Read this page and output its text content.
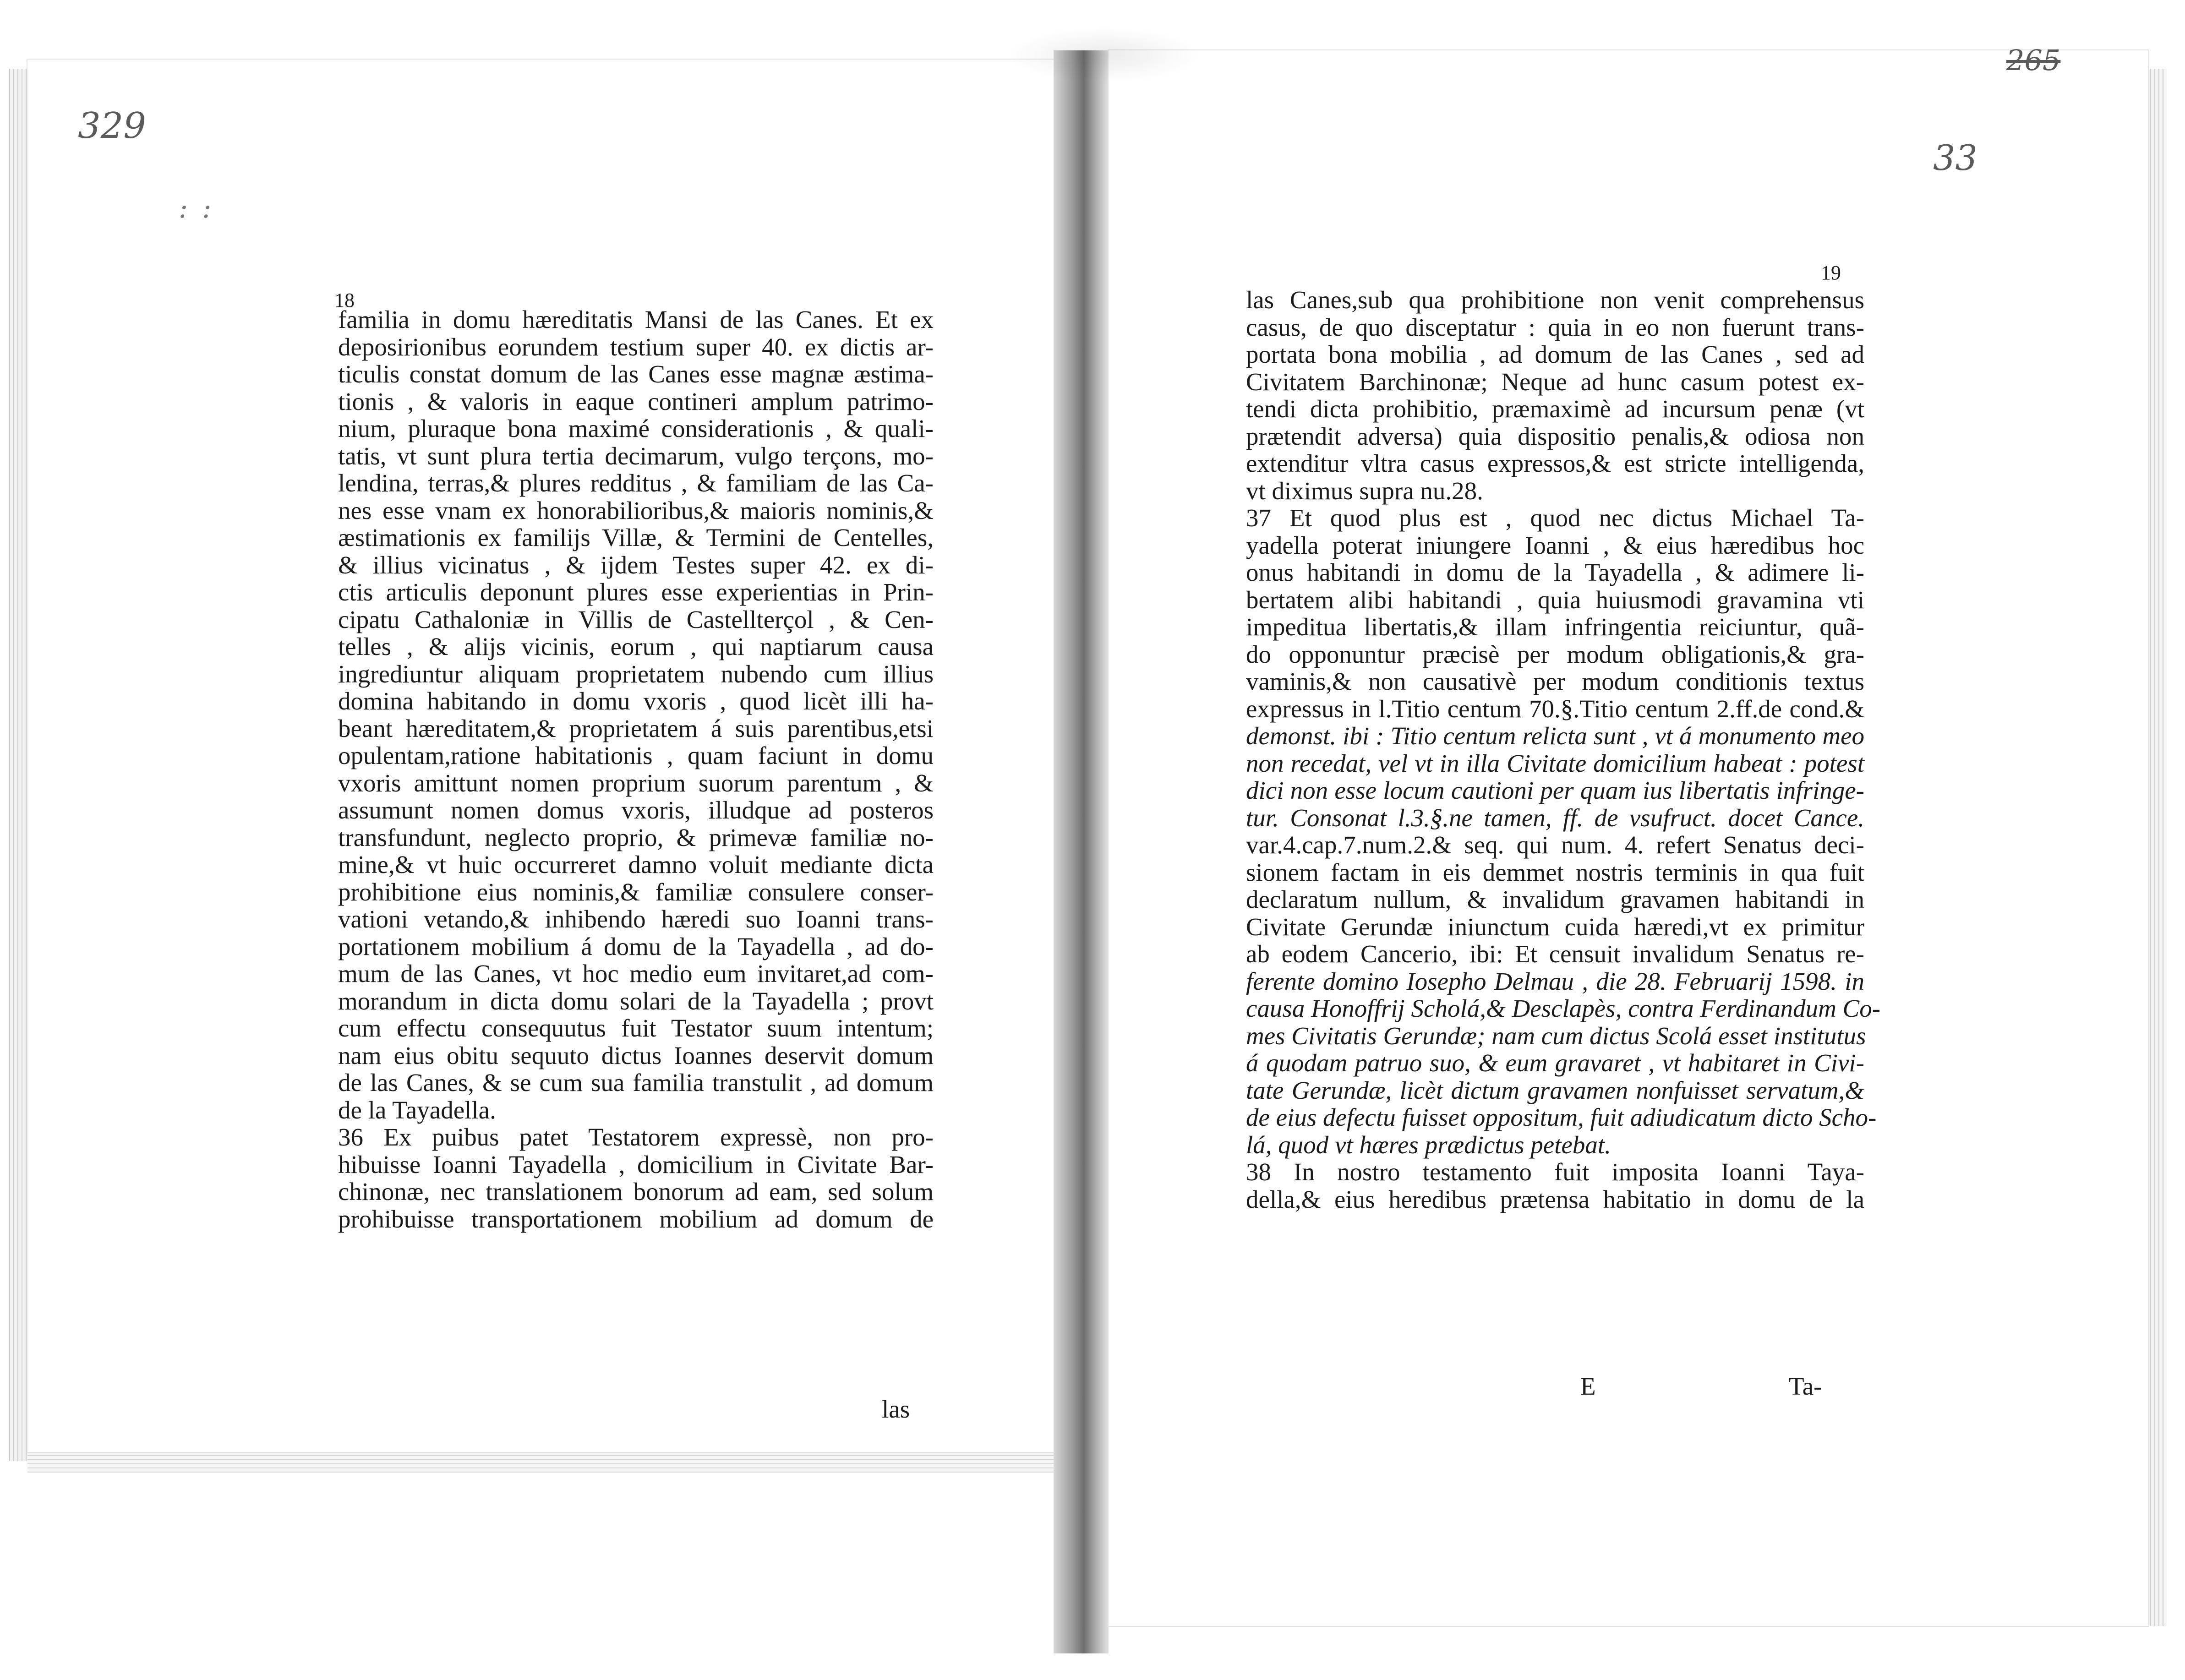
329
: :
265
33
18
19
familia in domu hæreditatis Mansi de las Canes. Et ex
deposirionibus eorundem testium super 40. ex dictis ar-
ticulis constat domum de las Canes esse magnæ æstima-
tionis , & valoris in eaque contineri amplum patrimo-
nium, pluraque bona maximé considerationis , & quali-
tatis, vt sunt plura tertia decimarum, vulgo terçons, mo-
lendina, terras,& plures redditus , & familiam de las Ca-
nes esse vnam ex honorabilioribus,& maioris nominis,&
æstimationis ex familijs Villæ, & Termini de Centelles,
& illius vicinatus , & ijdem Testes super 42. ex di-
ctis articulis deponunt plures esse experientias in Prin-
cipatu Cathaloniæ in Villis de Castellterçol , & Cen-
telles , & alijs vicinis, eorum , qui naptiarum causa
ingrediuntur aliquam proprietatem nubendo cum illius
domina habitando in domu vxoris , quod licèt illi ha-
beant hæreditatem,& proprietatem á suis parentibus,etsi
opulentam,ratione habitationis , quam faciunt in domu
vxoris amittunt nomen proprium suorum parentum , &
assumunt nomen domus vxoris, illudque ad posteros
transfundunt, neglecto proprio, & primevæ familiæ no-
mine,& vt huic occurreret damno voluit mediante dicta
prohibitione eius nominis,& familiæ consulere conser-
vationi vetando,& inhibendo hæredi suo Ioanni trans-
portationem mobilium á domu de la Tayadella , ad do-
mum de las Canes, vt hoc medio eum invitaret,ad com-
morandum in dicta domu solari de la Tayadella ; provt
cum effectu consequutus fuit Testator suum intentum;
nam eius obitu sequuto dictus Ioannes deservit domum
de las Canes, & se cum sua familia transtulit , ad domum
de la Tayadella.
36 Ex puibus patet Testatorem expressè, non pro-
hibuisse Ioanni Tayadella , domicilium in Civitate Bar-
chinonæ, nec translationem bonorum ad eam, sed solum
prohibuisse transportationem mobilium ad domum de
las Canes,sub qua prohibitione non venit comprehensus
casus, de quo disceptatur : quia in eo non fuerunt trans-
portata bona mobilia , ad domum de las Canes , sed ad
Civitatem Barchinonæ; Neque ad hunc casum potest ex-
tendi dicta prohibitio, præmaximè ad incursum penæ (vt
prætendit adversa) quia dispositio penalis,& odiosa non
extenditur vltra casus expressos,& est stricte intelligenda,
vt diximus supra nu.28.
37 Et quod plus est , quod nec dictus Michael Ta-
yadella poterat iniungere Ioanni , & eius hæredibus hoc
onus habitandi in domu de la Tayadella , & adimere li-
bertatem alibi habitandi , quia huiusmodi gravamina vti
impeditua libertatis,& illam infringentia reiciuntur, quã-
do opponuntur præcisè per modum obligationis,& gra-
vaminis,& non causativè per modum conditionis textus
expressus in l.Titio centum 70.§.Titio centum 2.ff.de cond.&
demonst. ibi : Titio centum relicta sunt , vt á monumento meo
non recedat, vel vt in illa Civitate domicilium habeat : potest
dici non esse locum cautioni per quam ius libertatis infringe-
tur. Consonat l.3.§.ne tamen, ff. de vsufruct. docet Cance.
var.4.cap.7.num.2.& seq. qui num. 4. refert Senatus deci-
sionem factam in eis demmet nostris terminis in qua fuit
declaratum nullum, & invalidum gravamen habitandi in
Civitate Gerundæ iniunctum cuida hæredi,vt ex primitur
ab eodem Cancerio, ibi: Et censuit invalidum Senatus re-
ferente domino Iosepho Delmau , die 28. Februarij 1598. in
causa Honoffrij Scholá,& Desclapès, contra Ferdinandum Co-
mes Civitatis Gerundæ; nam cum dictus Scolá esset institutus
á quodam patruo suo, & eum gravaret , vt habitaret in Civi-
tate Gerundæ, licèt dictum gravamen nonfuisset servatum,&
de eius defectu fuisset oppositum, fuit adiudicatum dicto Scho-
lá, quod vt hæres prædictus petebat.
38 In nostro testamento fuit imposita Ioanni Taya-
della,& eius heredibus prætensa habitatio in domu de la
las
E	Ta-
